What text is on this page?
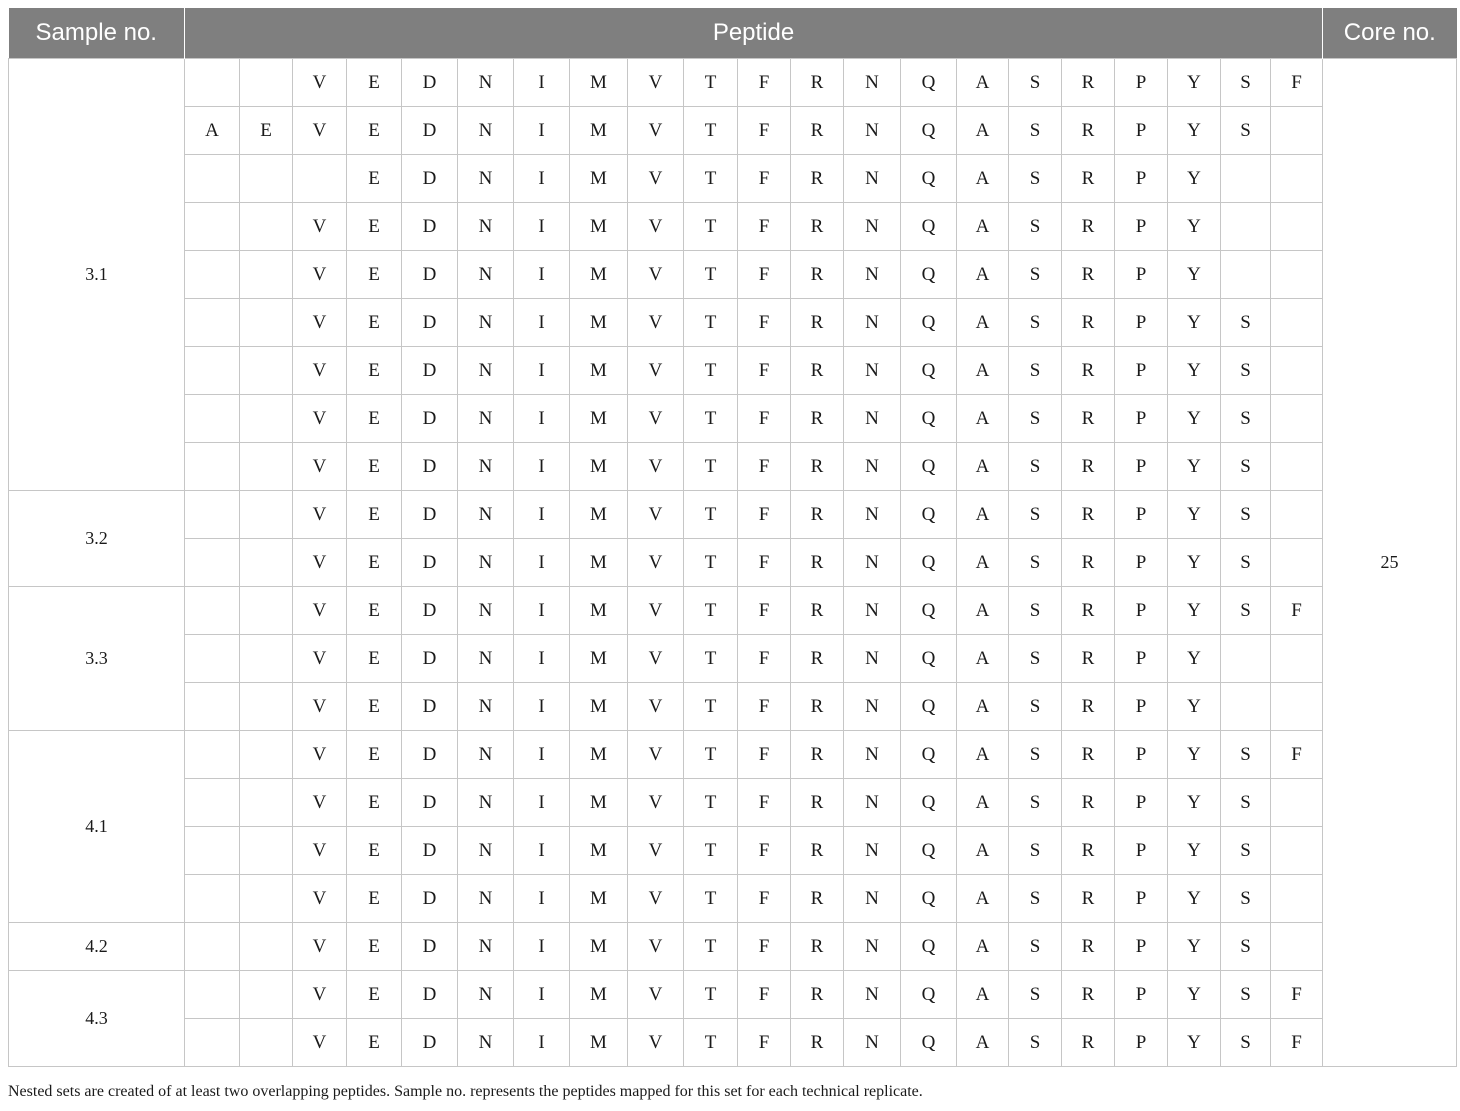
Sample no.	Peptide																					Core no.
3.1			V	E	D	N	I	M	V	T	F	R	N	Q	A	S	R	P	Y	S	F	25
	A	E	V	E	D	N	I	M	V	T	F	R	N	Q	A	S	R	P	Y	S		
				E	D	N	I	M	V	T	F	R	N	Q	A	S	R	P	Y			
			V	E	D	N	I	M	V	T	F	R	N	Q	A	S	R	P	Y			
			V	E	D	N	I	M	V	T	F	R	N	Q	A	S	R	P	Y			
			V	E	D	N	I	M	V	T	F	R	N	Q	A	S	R	P	Y	S		
			V	E	D	N	I	M	V	T	F	R	N	Q	A	S	R	P	Y	S		
			V	E	D	N	I	M	V	T	F	R	N	Q	A	S	R	P	Y	S		
			V	E	D	N	I	M	V	T	F	R	N	Q	A	S	R	P	Y	S		
3.2			V	E	D	N	I	M	V	T	F	R	N	Q	A	S	R	P	Y	S		
			V	E	D	N	I	M	V	T	F	R	N	Q	A	S	R	P	Y	S		
3.3			V	E	D	N	I	M	V	T	F	R	N	Q	A	S	R	P	Y	S	F	
			V	E	D	N	I	M	V	T	F	R	N	Q	A	S	R	P	Y			
			V	E	D	N	I	M	V	T	F	R	N	Q	A	S	R	P	Y			
4.1			V	E	D	N	I	M	V	T	F	R	N	Q	A	S	R	P	Y	S	F	
			V	E	D	N	I	M	V	T	F	R	N	Q	A	S	R	P	Y	S		
			V	E	D	N	I	M	V	T	F	R	N	Q	A	S	R	P	Y	S		
			V	E	D	N	I	M	V	T	F	R	N	Q	A	S	R	P	Y	S		
4.2			V	E	D	N	I	M	V	T	F	R	N	Q	A	S	R	P	Y	S		
4.3			V	E	D	N	I	M	V	T	F	R	N	Q	A	S	R	P	Y	S	F	
			V	E	D	N	I	M	V	T	F	R	N	Q	A	S	R	P	Y	S	F	
Nested sets are created of at least two overlapping peptides. Sample no. represents the peptides mapped for this set for each technical replicate.
